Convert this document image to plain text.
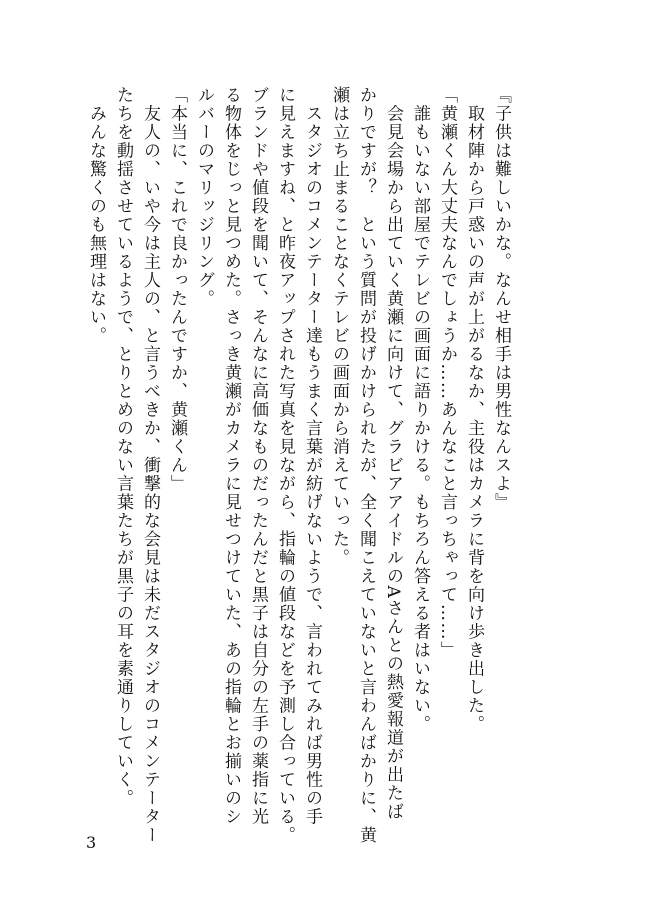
『子供は難しいかな。なんせ相手は男性なんスよ』
　取材陣から戸惑いの声が上がるなか、主役はカメラに背を向け歩き出した。
「黄瀬くん大丈夫なんでしょうか……あんなこと言っちゃって……」
　誰もいない部屋でテレビの画面に語りかける。もちろん答える者はいない。
　会見会場から出ていく黄瀬に向けて、グラビアアイドルのAさんとの熱愛報道が出たば
かりですが？　という質問が投げかけられたが、全く聞こえていないと言わんばかりに、黄
瀬は立ち止まることなくテレビの画面から消えていった。
　スタジオのコメンテーター達もうまく言葉が紡げないようで、言われてみれば男性の手
に見えますね、と昨夜アップされた写真を見ながら、指輪の値段などを予測し合っている。
ブランドや値段を聞いて、そんなに高価なものだったんだと黒子は自分の左手の薬指に光
る物体をじっと見つめた。さっき黄瀬がカメラに見せつけていた、あの指輪とお揃いのシ
ルバーのマリッジリング。
「本当に、これで良かったんですか、黄瀬くん」
　友人の、いや今は主人の、と言うべきか、衝撃的な会見は未だスタジオのコメンテーター
たちを動揺させているようで、とりとめのない言葉たちが黒子の耳を素通りしていく。
　みんな驚くのも無理はない。
3
